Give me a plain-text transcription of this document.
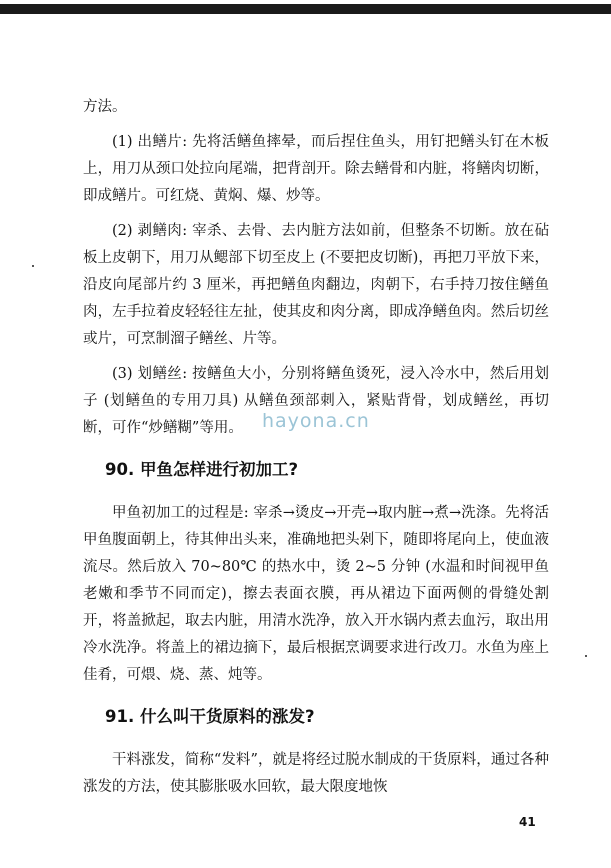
方法。

(1) 出鳝片: 先将活鳝鱼摔晕，而后捏住鱼头，用钉把鳝头钉在木板上，用刀从颈口处拉向尾端，把背剖开。除去鳝骨和内脏，将鳝肉切断，即成鳝片。可红烧、黄焖、爆、炒等。

(2) 剥鳝肉: 宰杀、去骨、去内脏方法如前，但整条不切断。放在砧板上皮朝下，用刀从鳃部下切至皮上 (不要把皮切断)，再把刀平放下来，沿皮向尾部片约 3 厘米，再把鳝鱼肉翻边，肉朝下，右手持刀按住鳝鱼肉，左手拉着皮轻轻往左扯，使其皮和肉分离，即成净鳝鱼肉。然后切丝或片，可烹制溜子鳝丝、片等。

(3) 划鳝丝: 按鳝鱼大小，分别将鳝鱼烫死，浸入冷水中，然后用划子 (划鳝鱼的专用刀具) 从鳝鱼颈部刺入，紧贴背骨，划成鳝丝，再切断，可作“炒鳝糊”等用。

90. 甲鱼怎样进行初加工?

甲鱼初加工的过程是: 宰杀→烫皮→开壳→取内脏→煮→洗涤。先将活甲鱼腹面朝上，待其伸出头来，准确地把头剁下，随即将尾向上，使血液流尽。然后放入 70~80℃ 的热水中，烫 2~5 分钟 (水温和时间视甲鱼老嫩和季节不同而定)，擦去表面衣膜，再从裙边下面两侧的骨缝处割开，将盖掀起，取去内脏，用清水洗净，放入开水锅内煮去血污，取出用冷水洗净。将盖上的裙边摘下，最后根据烹调要求进行改刀。水鱼为座上佳肴，可煨、烧、蒸、炖等。

91. 什么叫干货原料的涨发?

干料涨发，简称“发料”，就是将经过脱水制成的干货原料，通过各种涨发的方法，使其膨胀吸水回软，最大限度地恢

hayona.cn
41
